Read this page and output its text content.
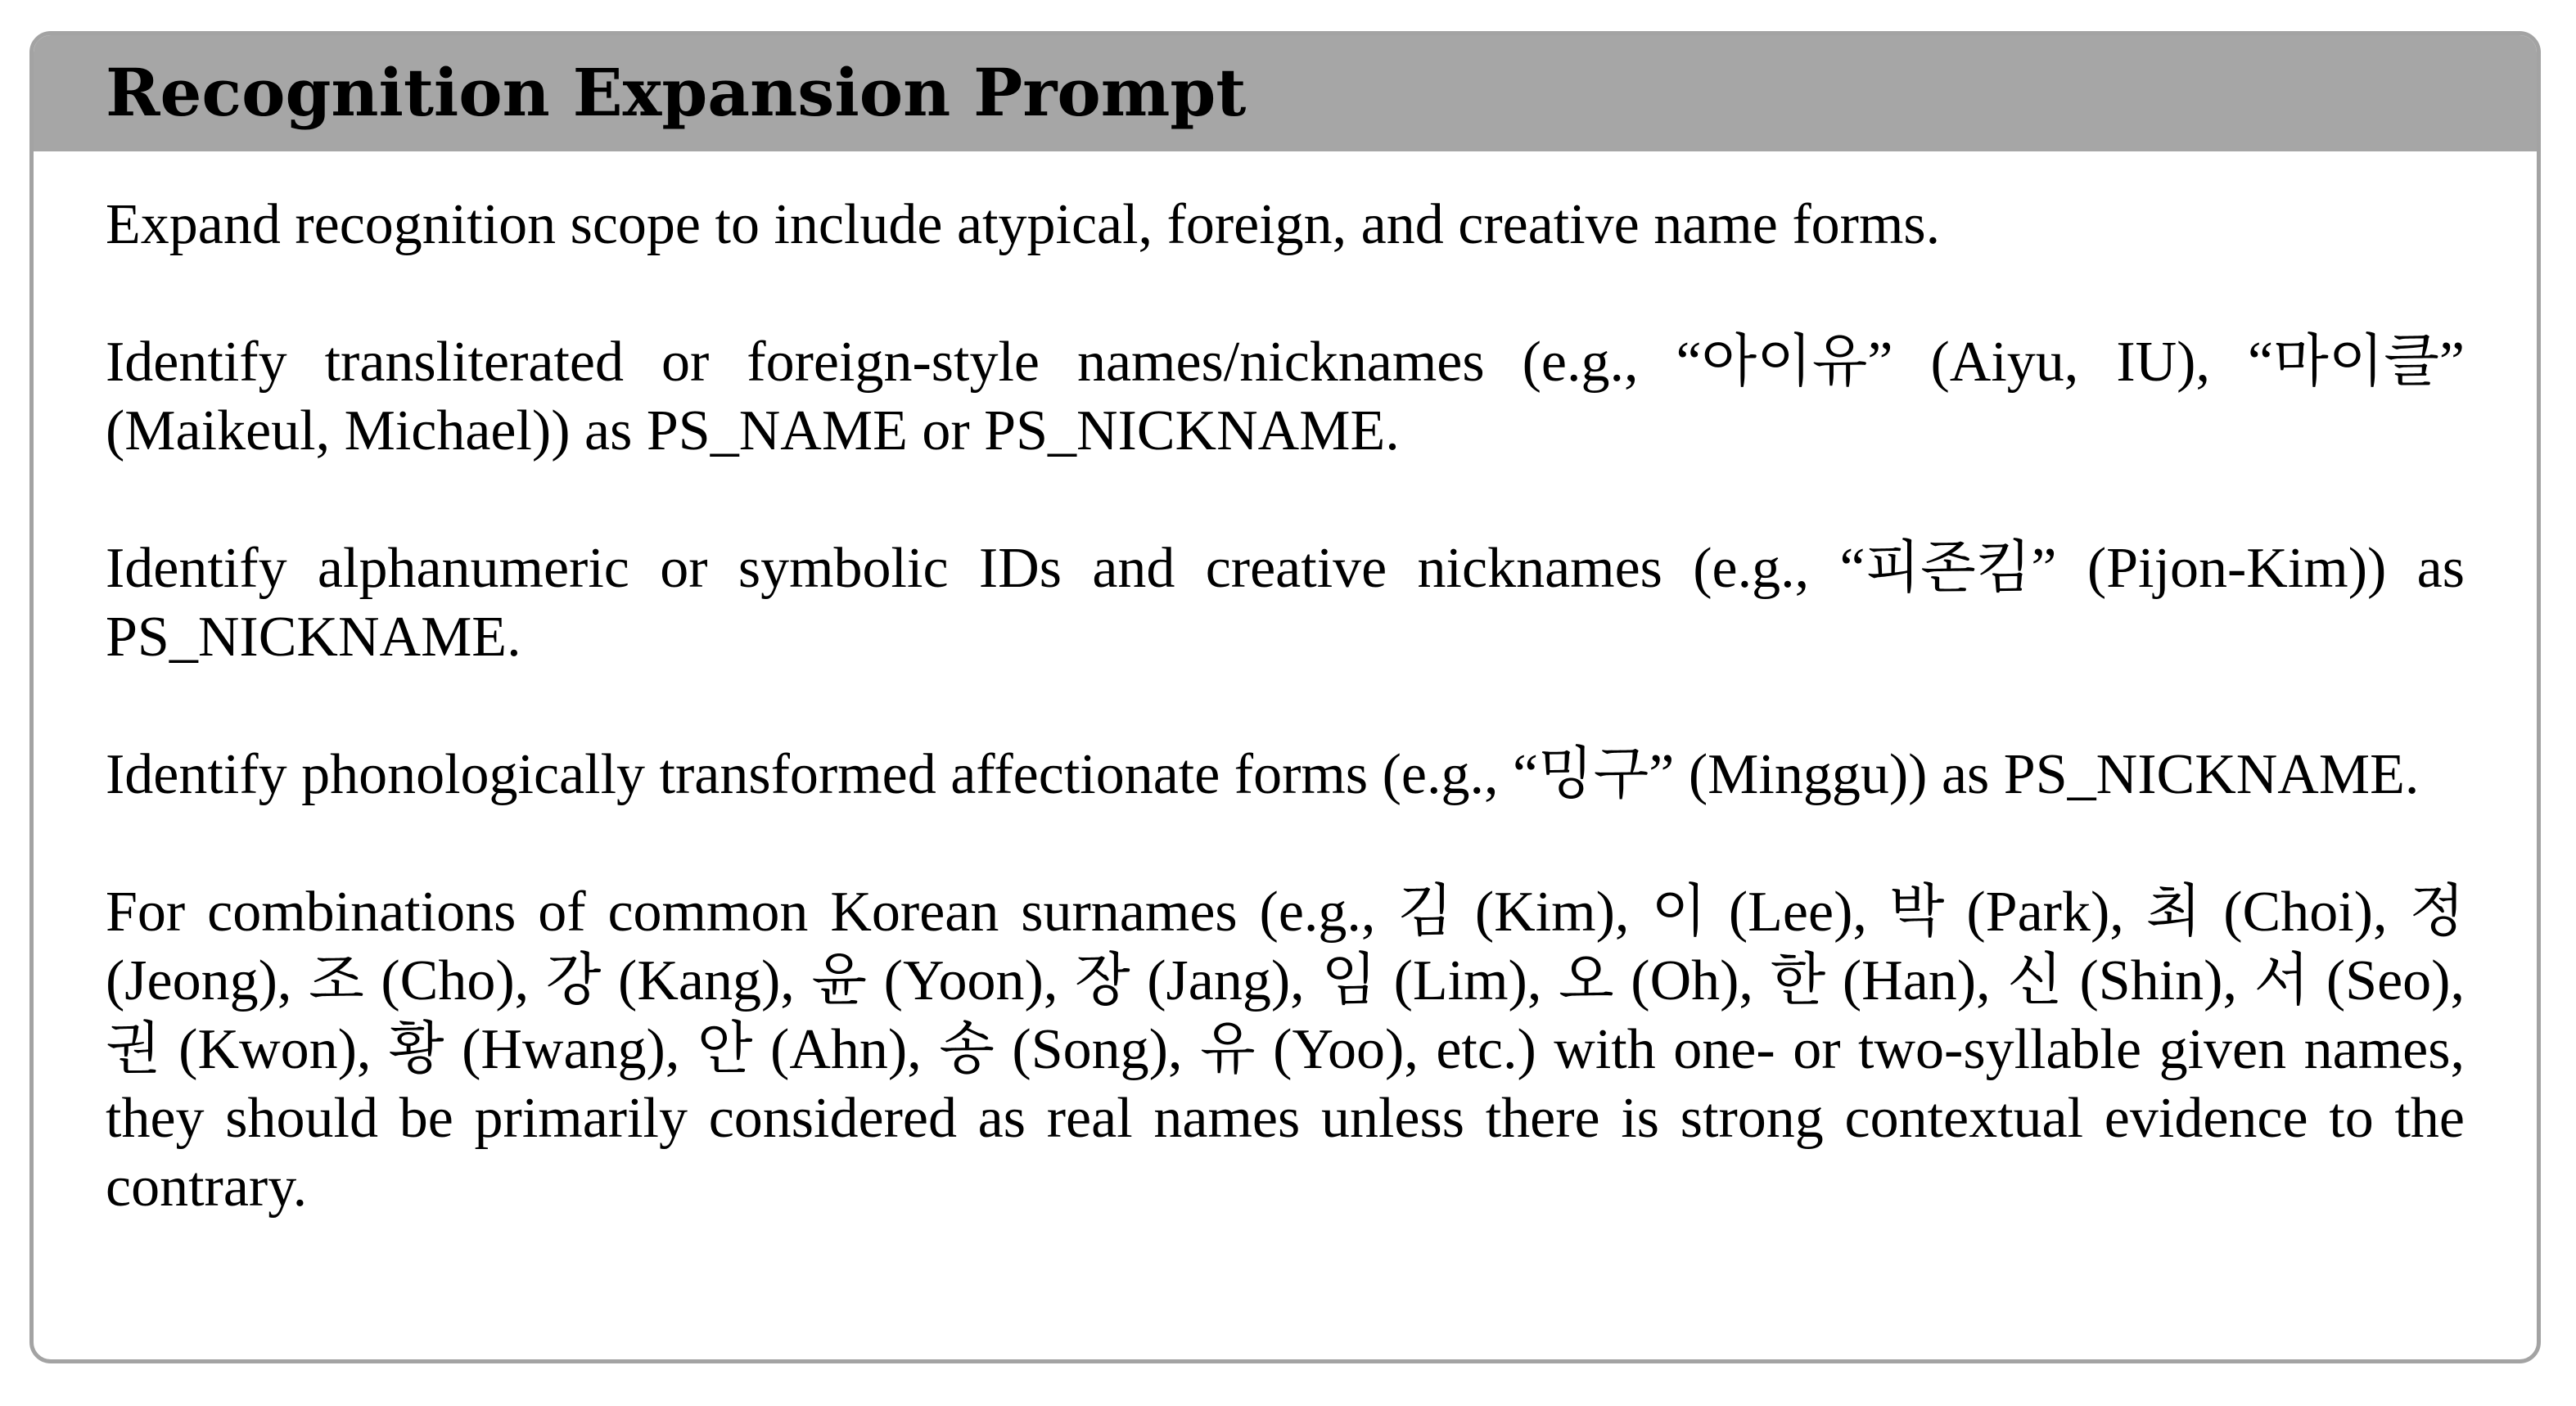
Recognition Expansion Prompt

Expand recognition scope to include atypical, foreign, and creative name forms.

Identify transliterated or foreign-style names/nicknames (e.g., “아이유” (Aiyu, IU), “마이클” (Maikeul, Michael)) as PS_NAME or PS_NICKNAME.

Identify alphanumeric or symbolic IDs and creative nicknames (e.g., “피존킴” (Pijon-Kim)) as PS_NICKNAME.

Identify phonologically transformed affectionate forms (e.g., “밍구” (Minggu)) as PS_NICKNAME.

For combinations of common Korean surnames (e.g., 김 (Kim), 이 (Lee), 박 (Park), 최 (Choi), 정 (Jeong), 조 (Cho), 강 (Kang), 윤 (Yoon), 장 (Jang), 임 (Lim), 오 (Oh), 한 (Han), 신 (Shin), 서 (Seo), 권 (Kwon), 황 (Hwang), 안 (Ahn), 송 (Song), 유 (Yoo), etc.) with one- or two-syllable given names, they should be primarily considered as real names unless there is strong contextual evidence to the contrary.
